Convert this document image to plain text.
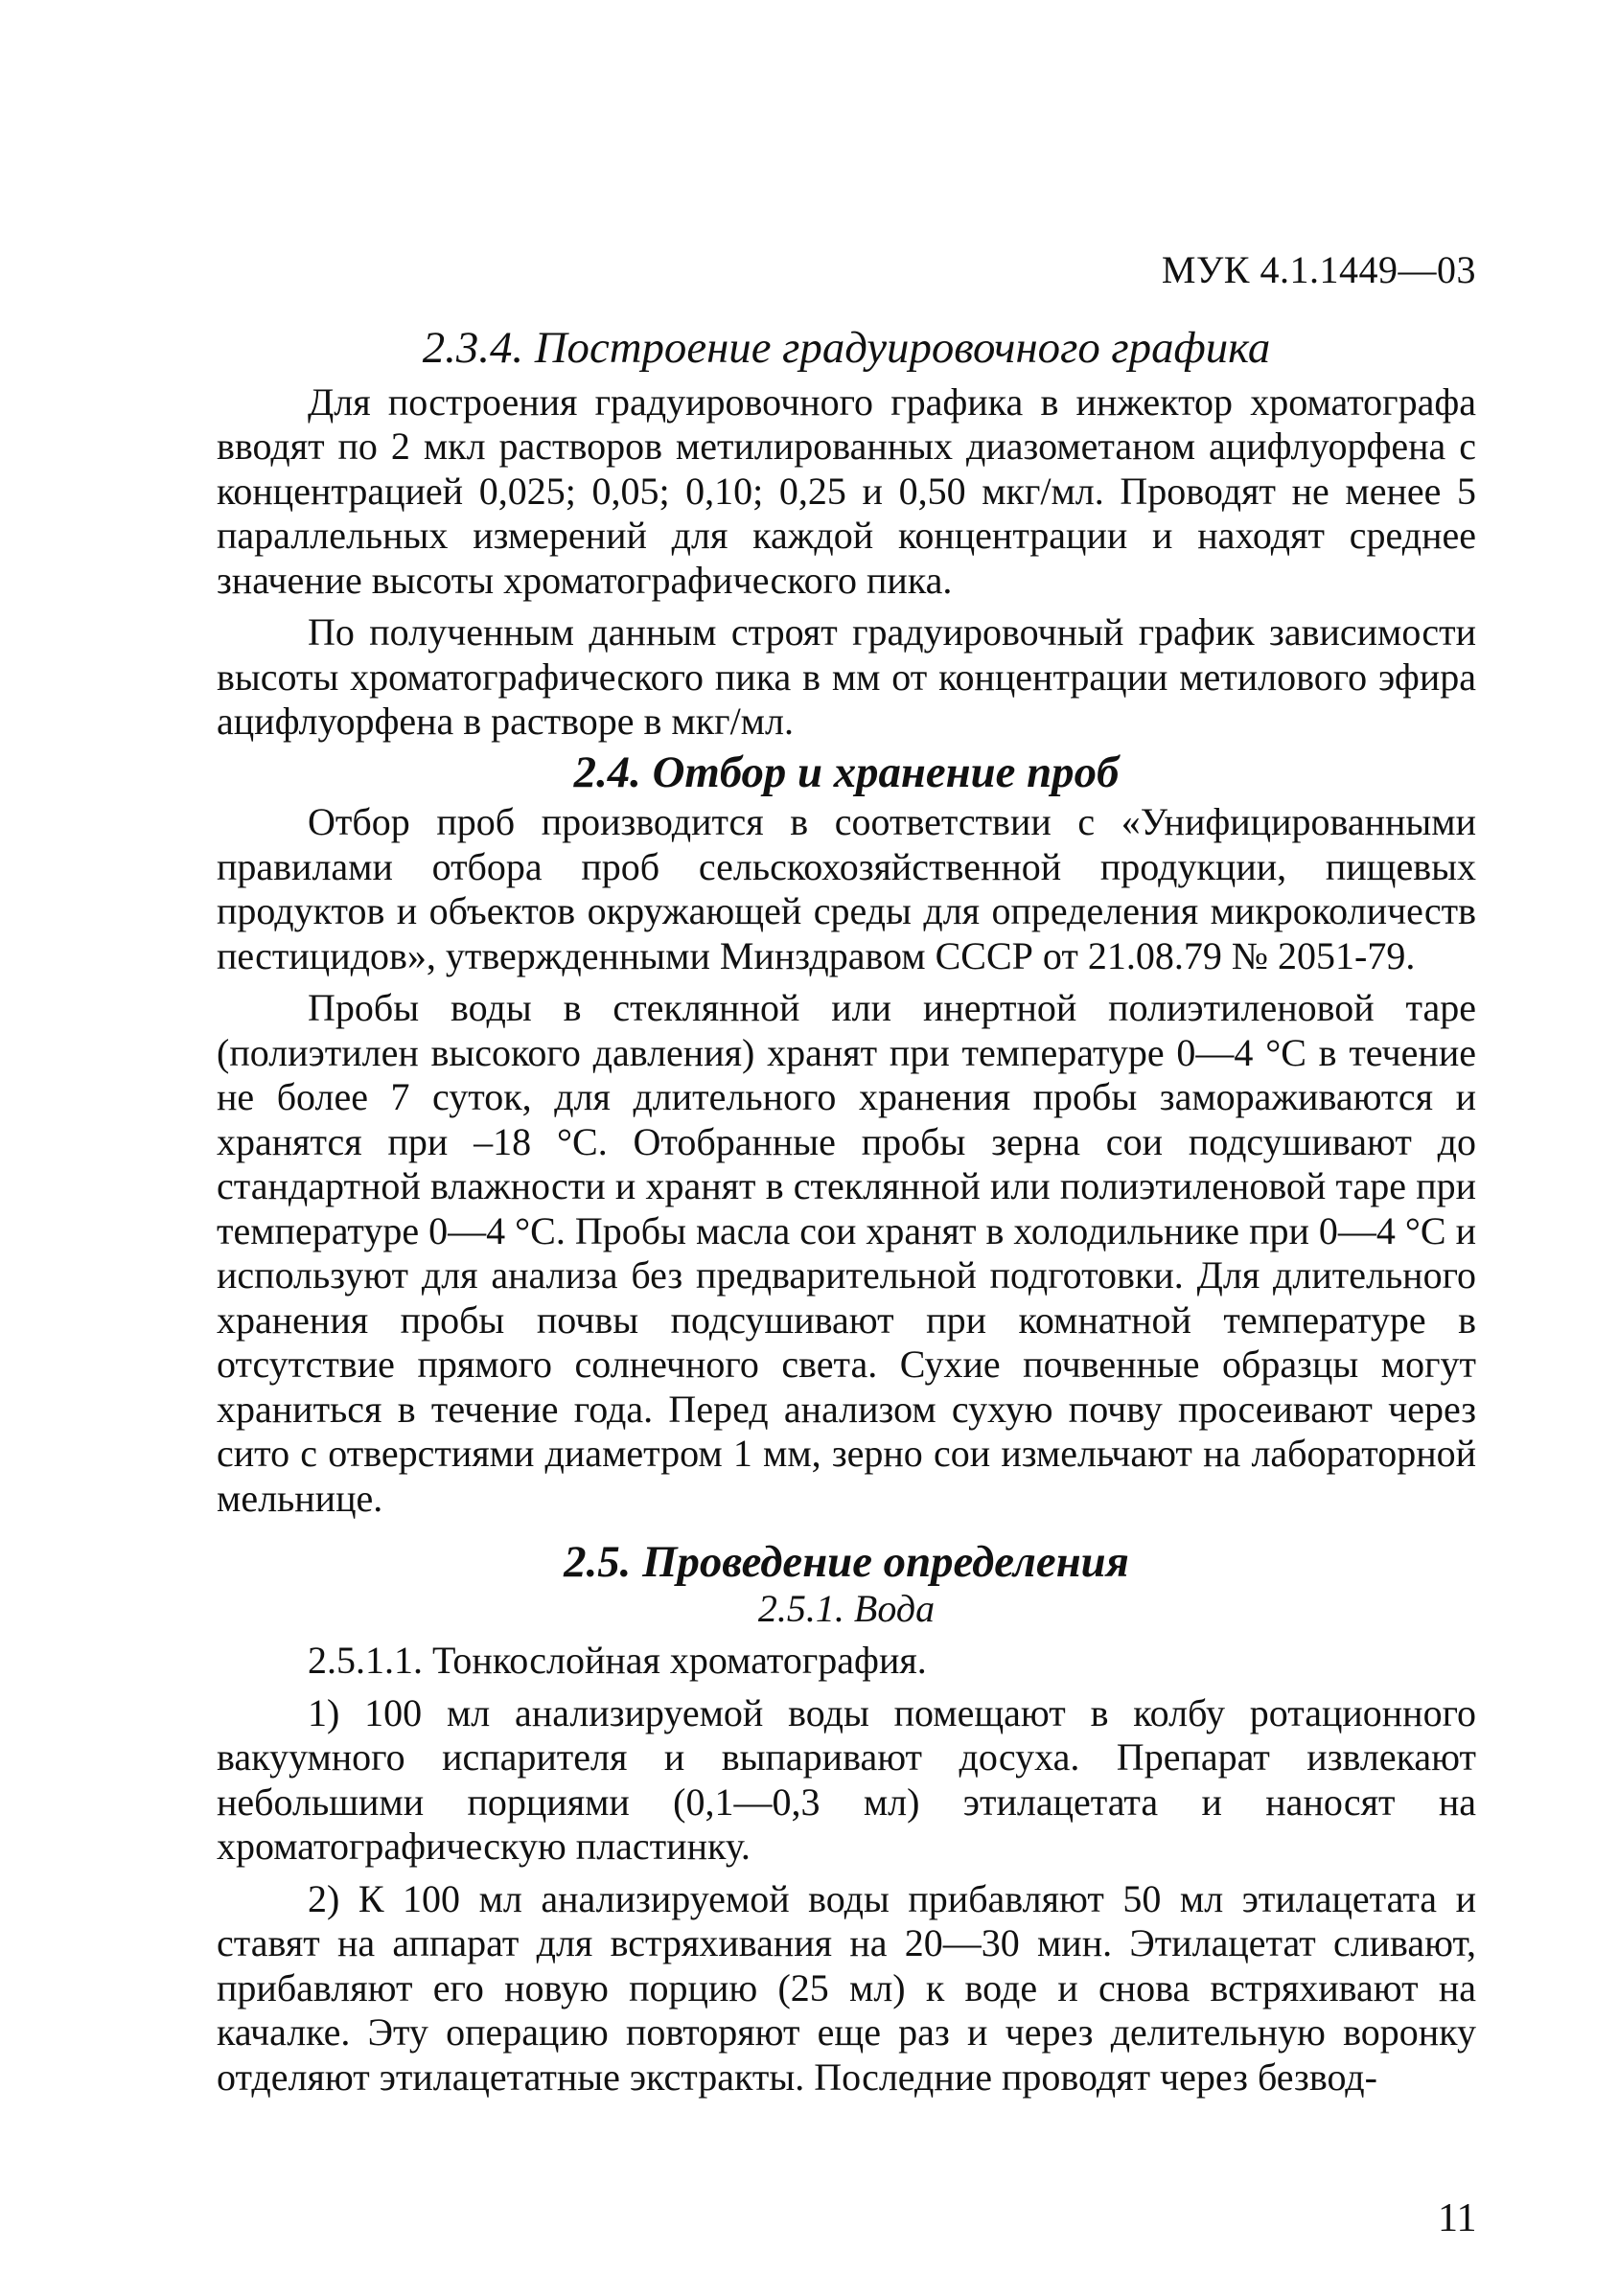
МУК 4.1.1449—03
2.3.4. Построение градуировочного графика

Для построения градуировочного графика в инжектор хроматографа вводят по 2 мкл растворов метилированных диазометаном ацифлуорфена с концентрацией 0,025; 0,05; 0,10; 0,25 и 0,50 мкг/мл. Проводят не менее 5 параллельных измерений для каждой концентрации и находят среднее значение высоты хроматографического пика.

По полученным данным строят градуировочный график зависимости высоты хроматографического пика в мм от концентрации метилового эфира ацифлуорфена в растворе в мкг/мл.

2.4. Отбор и хранение проб

Отбор проб производится в соответствии с «Унифицированными правилами отбора проб сельскохозяйственной продукции, пищевых продуктов и объектов окружающей среды для определения микроколичеств пестицидов», утвержденными Минздравом СССР от 21.08.79 № 2051-79.

Пробы воды в стеклянной или инертной полиэтиленовой таре (полиэтилен высокого давления) хранят при температуре 0—4 °С в течение не более 7 суток, для длительного хранения пробы замораживаются и хранятся при –18 °С. Отобранные пробы зерна сои подсушивают до стандартной влажности и хранят в стеклянной или полиэтиленовой таре при температуре 0—4 °С. Пробы масла сои хранят в холодильнике при 0—4 °С и используют для анализа без предварительной подготовки. Для длительного хранения пробы почвы подсушивают при комнатной температуре в отсутствие прямого солнечного света. Сухие почвенные образцы могут храниться в течение года. Перед анализом сухую почву просеивают через сито с отверстиями диаметром 1 мм, зерно сои измельчают на лабораторной мельнице.

2.5. Проведение определения
2.5.1. Вода

2.5.1.1. Тонкослойная хроматография.

1) 100 мл анализируемой воды помещают в колбу ротационного вакуумного испарителя и выпаривают досуха. Препарат извлекают небольшими порциями (0,1—0,3 мл) этилацетата и наносят на хроматографическую пластинку.

2) К 100 мл анализируемой воды прибавляют 50 мл этилацетата и ставят на аппарат для встряхивания на 20—30 мин. Этилацетат сливают, прибавляют его новую порцию (25 мл) к воде и снова встряхивают на качалке. Эту операцию повторяют еще раз и через делительную воронку отделяют этилацетатные экстракты. Последние проводят через безвод-

11
